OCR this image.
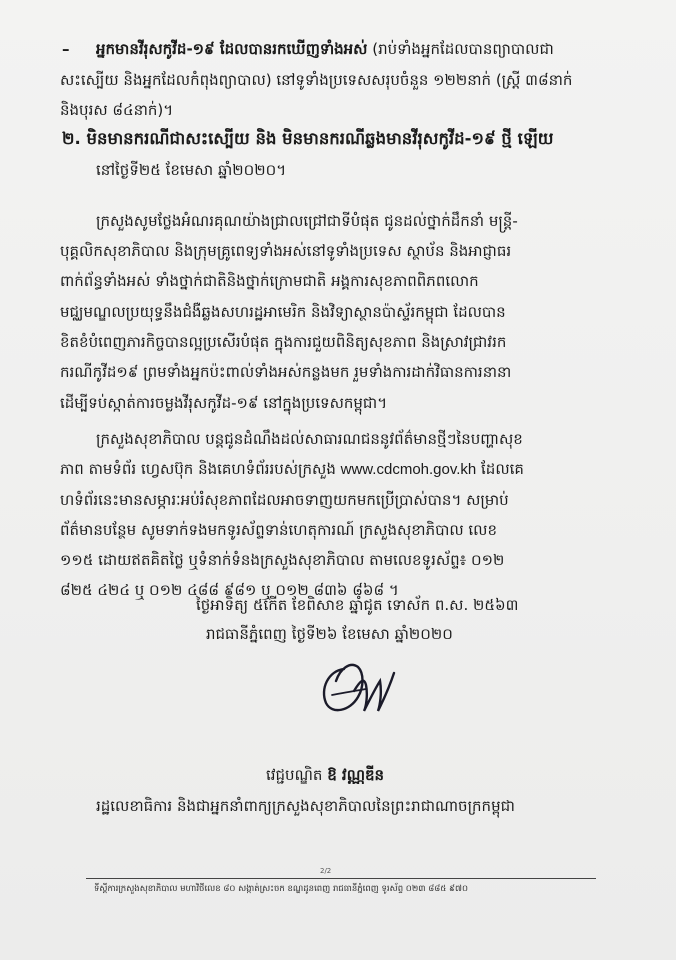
– អ្នកមានវីរុសកូវីដ-១៩ ដែលបានរកឃើញទាំងអស់ (រាប់ទាំងអ្នកដែលបានព្យាបាលជា
សះស្បើយ និងអ្នកដែលកំពុងព្យាបាល) នៅទូទាំងប្រទេសសរុបចំនួន ១២២នាក់ (ស្ត្រី ៣៨នាក់
និងបុរស ៨៤នាក់)។
២. មិនមានករណីជាសះស្បើយ និង មិនមានករណីឆ្លងមានវីរុសកូវីដ-១៩ ថ្មី ឡើយ
នៅថ្ងៃទី២៥ ខែមេសា ឆ្នាំ២០២០។
ក្រសួងសូមថ្លែងអំណរគុណយ៉ាងជ្រាលជ្រៅជាទីបំផុត ជូនដល់ថ្នាក់ដឹកនាំ មន្ត្រី-
បុគ្គលិកសុខាភិបាល និងក្រុមគ្រូពេទ្យទាំងអស់នៅទូទាំងប្រទេស ស្ថាប័ន និងអាជ្ញាធរ
ពាក់ព័ន្ធទាំងអស់ ទាំងថ្នាក់ជាតិនិងថ្នាក់ក្រោមជាតិ អង្គការសុខភាពពិភពលោក
មជ្ឈមណ្ឌលប្រយុទ្ធនឹងជំងឺឆ្លងសហរដ្ឋអាមេរិក និងវិទ្យាស្ថានប៉ាស្ទ័រកម្ពុជា ដែលបាន
ខិតខំបំពេញភារកិច្ចបានល្អប្រសើរបំផុត ក្នុងការជួយពិនិត្យសុខភាព និងស្រាវជ្រាវរក
ករណីកូវីដ១៩ ព្រមទាំងអ្នកប៉ះពាល់ទាំងអស់កន្លងមក រួមទាំងការដាក់វិធានការនានា
ដើម្បីទប់ស្កាត់ការចម្លងវីរុសកូវីដ-១៩ នៅក្នុងប្រទេសកម្ពុជា។
ក្រសួងសុខាភិបាល បន្តជូនដំណឹងដល់សាធារណជននូវព័ត៌មានថ្មីៗនៃបញ្ហាសុខ
ភាព តាមទំព័រ ហ្វេសប៊ុក និងគេហទំព័ររបស់ក្រសួង www.cdcmoh.gov.kh ដែលគេ
ហទំព័រនេះមានសម្ភារៈអប់រំសុខភាពដែលអាចទាញយកមកប្រើប្រាស់បាន។ សម្រាប់
ព័ត៌មានបន្ថែម សូមទាក់ទងមកទូរស័ព្ទទាន់ហេតុការណ៍ ក្រសួងសុខាភិបាល លេខ
១១៥ ដោយឥតគិតថ្លៃ ឬទំនាក់ទំនងក្រសួងសុខាភិបាល តាមលេខទូរស័ព្ទ៖ ០១២
៨២៥ ៤២៤ ឬ ០១២ ៤៨៨ ៩៨១ ឬ ០១២ ៨៣៦ ៨៦៨ ។
ថ្ងៃអាទិត្យ ៥កើត ខែពិសាខ ឆ្នាំជូត ទោស័ក ព.ស. ២៥៦៣
រាជធានីភ្នំពេញ ថ្ងៃទី២៦ ខែមេសា ឆ្នាំ២០២០
វេជ្ជបណ្ឌិត ឱ វណ្ណឌីន
រដ្ឋលេខាធិការ និងជាអ្នកនាំពាក្យក្រសួងសុខាភិបាលនៃព្រះរាជាណាចក្រកម្ពុជា
2/2
ទីស្តីការក្រសួងសុខាភិបាល មហាវិថីលេខ ៨០ សង្កាត់ស្រះចក ខណ្ឌដូនពេញ រាជធានីភ្នំពេញ ទូរស័ព្ទ ០២៣ ៨៨៥ ៩៧០
